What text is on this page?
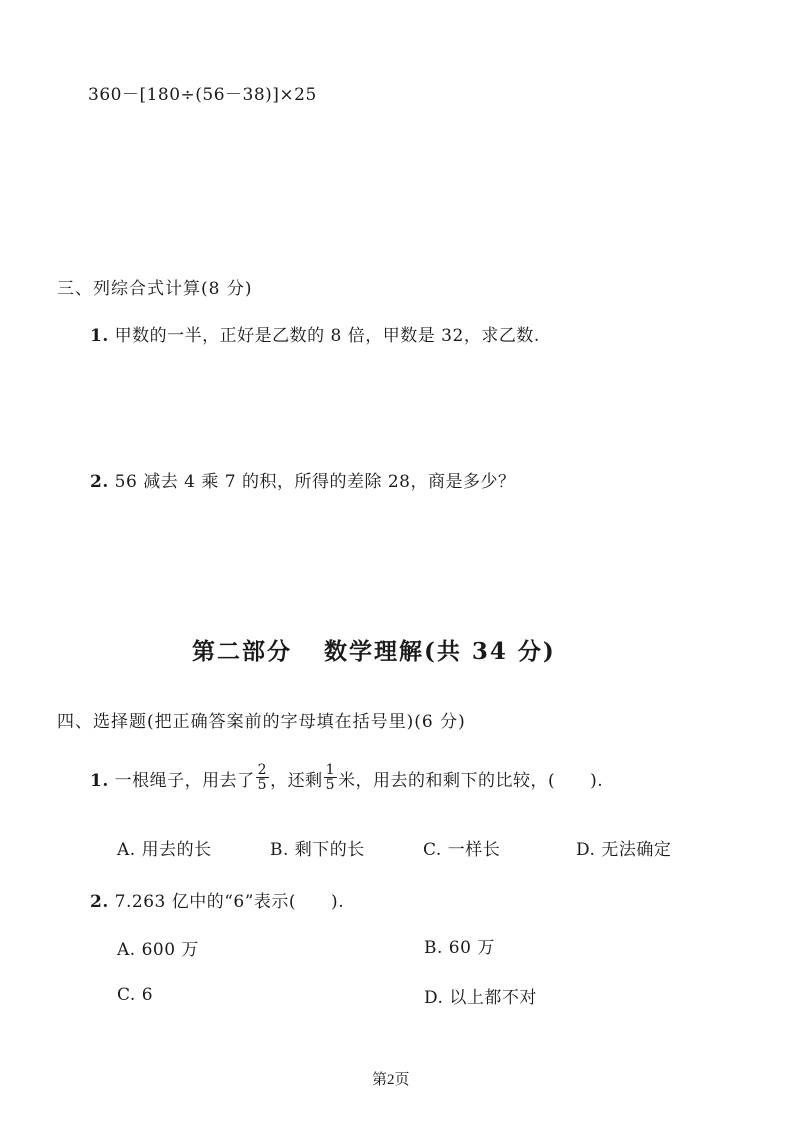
360－[180÷(56－38)]×25
三、列综合式计算(8 分)
1. 甲数的一半，正好是乙数的 8 倍，甲数是 32，求乙数.
2. 56 减去 4 乘 7 的积，所得的差除 28，商是多少？
第二部分 数学理解(共 34 分)
四、选择题(把正确答案前的字母填在括号里)(6 分)
1. 一根绳子，用去了 $\frac{2}{5}$ ，还剩 $\frac{1}{5}$ 米，用去的和剩下的比较，(　　).
A. 用去的长	B. 剩下的长	C. 一样长	D. 无法确定
2. 7.263 亿中的“6”表示(　　).
A. 600 万	B. 60 万
C. 6	D. 以上都不对
第2页
